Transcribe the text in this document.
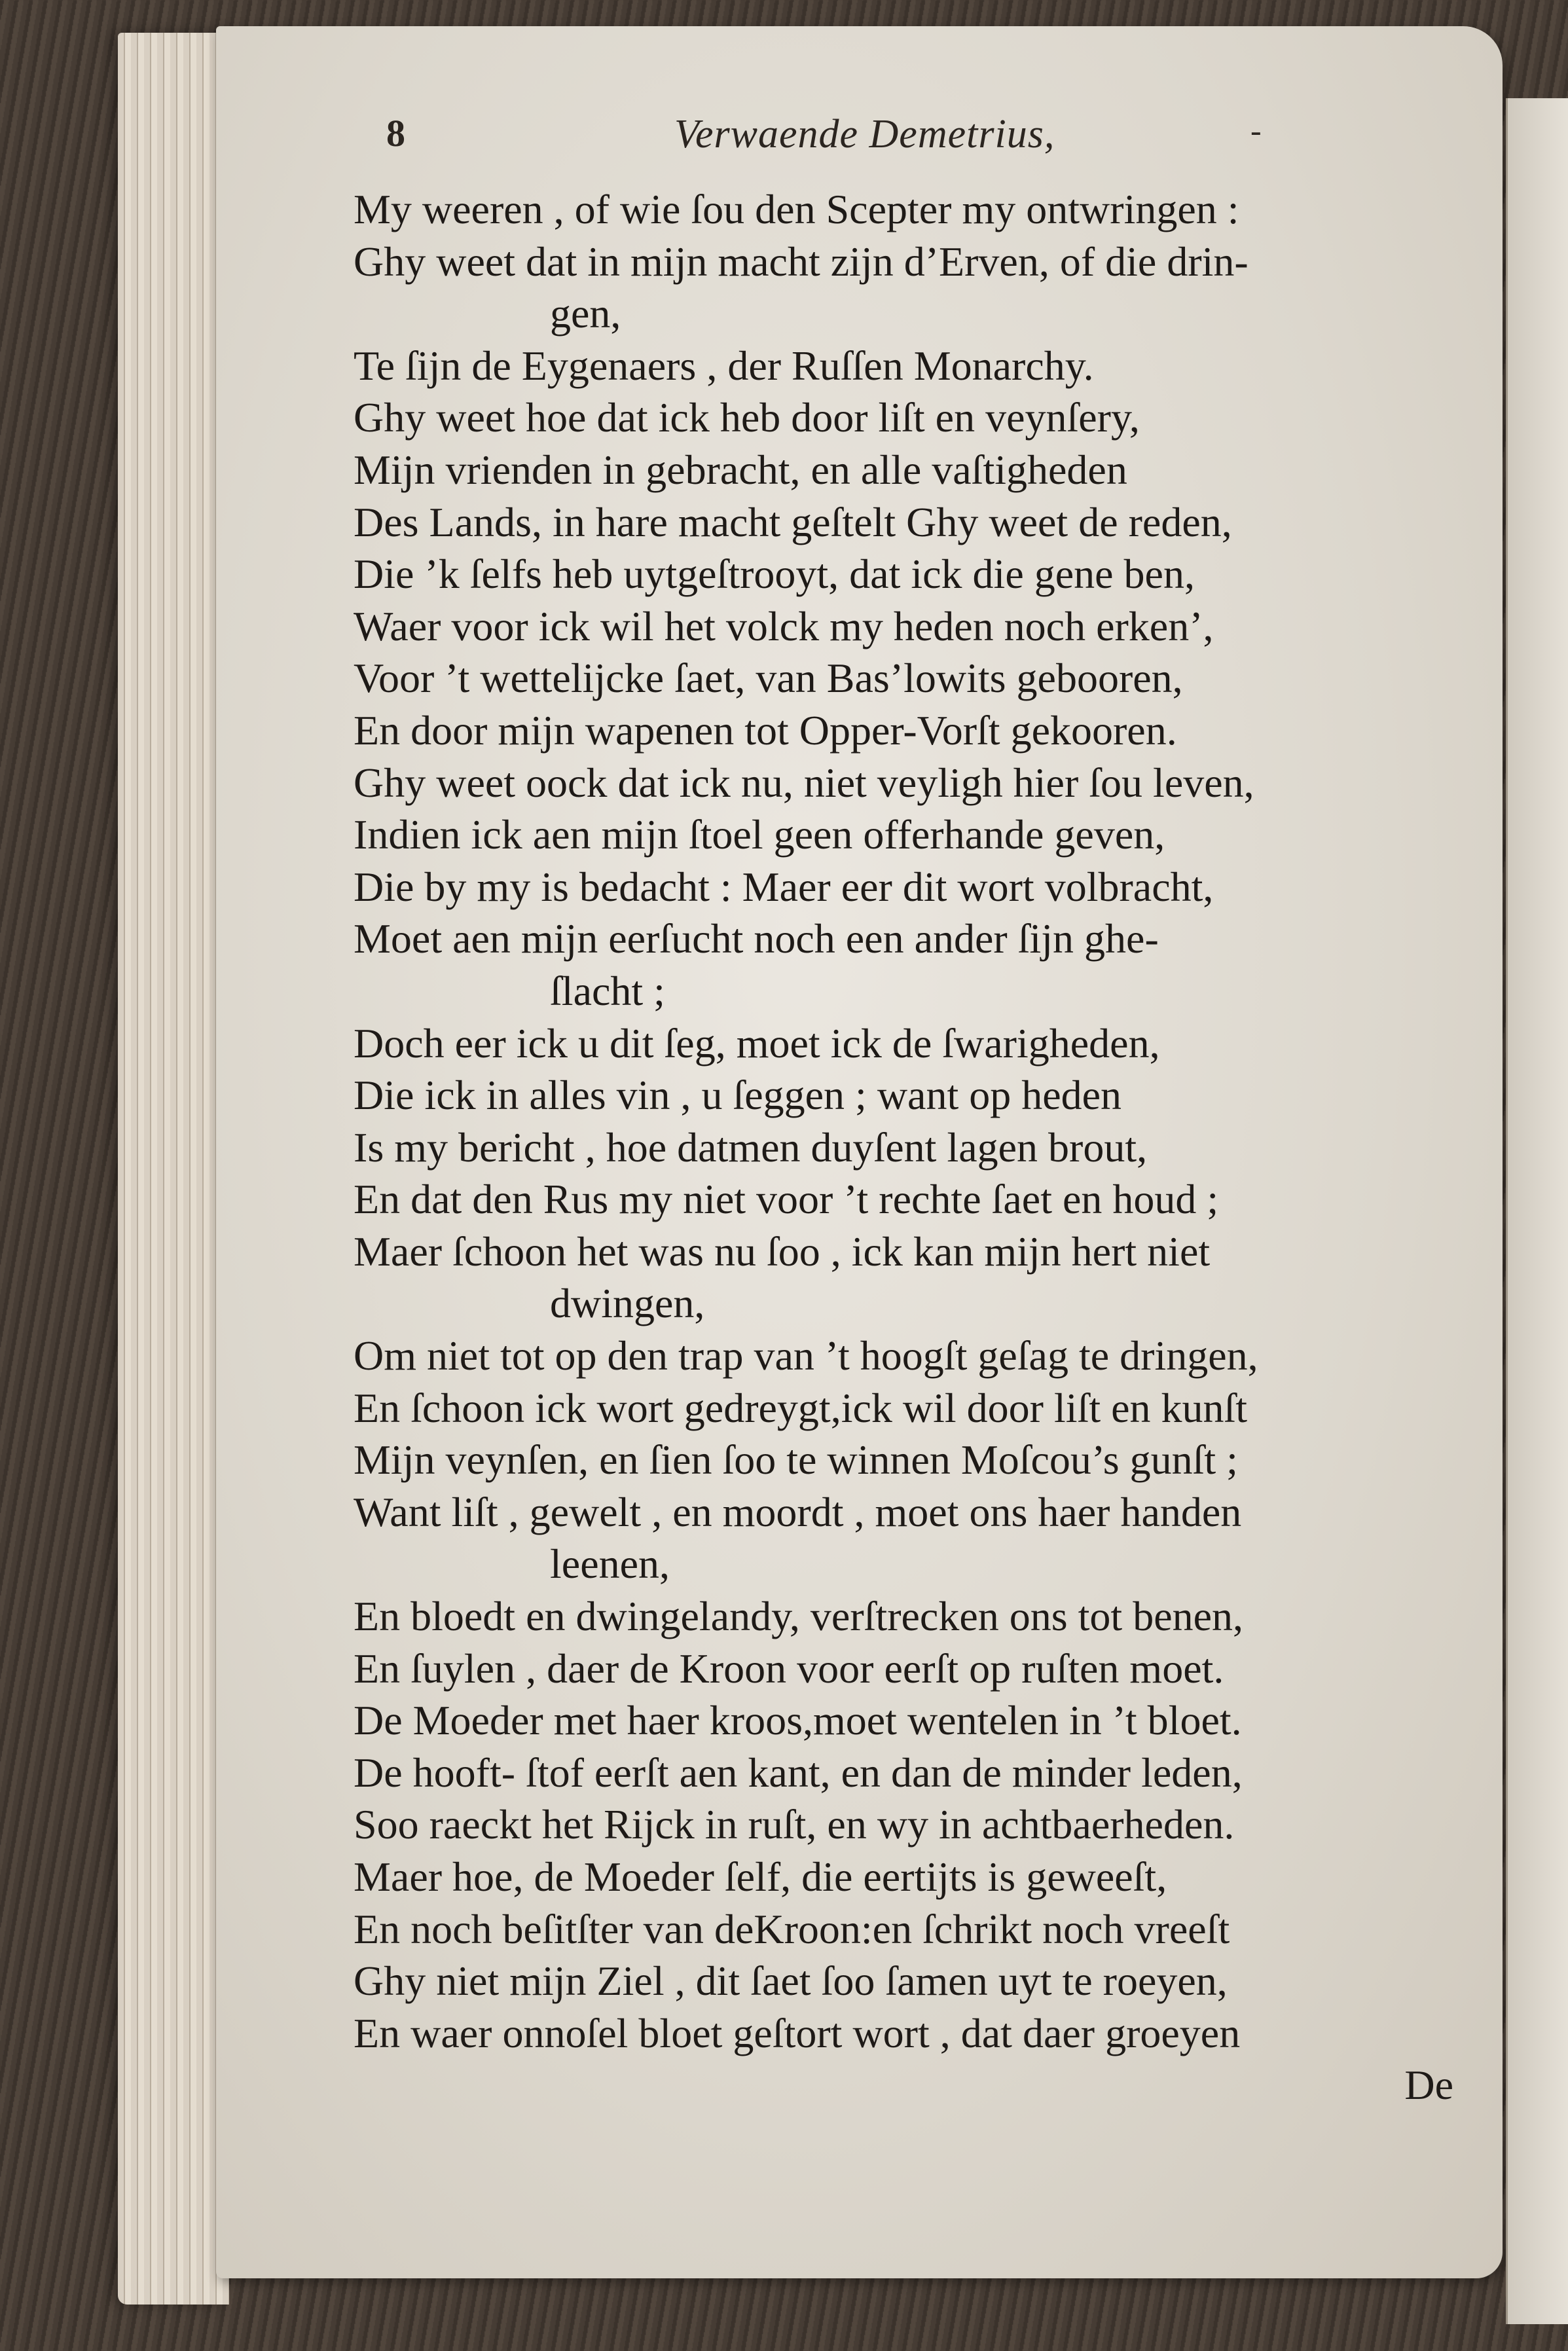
8	Verwaende Demetrius,	-
My weeren , of wie ſou den Scepter my ontwringen :
Ghy weet dat in mijn macht zijn d’Erven, of die drin-
gen,
Te ſijn de Eygenaers , der Ruſſen Monarchy.
Ghy weet hoe dat ick heb door liſt en veynſery,
Mijn vrienden in gebracht, en alle vaſtigheden
Des Lands, in hare macht geſtelt Ghy weet de reden,
Die ’k ſelfs heb uytgeſtrooyt, dat ick die gene ben,
Waer voor ick wil het volck my heden noch erken’,
Voor ’t wettelijcke ſaet, van Bas’lowits gebooren,
En door mijn wapenen tot Opper-Vorſt gekooren.
Ghy weet oock dat ick nu, niet veyligh hier ſou leven,
Indien ick aen mijn ſtoel geen offerhande geven,
Die by my is bedacht : Maer eer dit wort volbracht,
Moet aen mijn eerſucht noch een ander ſijn ghe-
ſlacht ;
Doch eer ick u dit ſeg, moet ick de ſwarigheden,
Die ick in alles vin , u ſeggen ; want op heden
Is my bericht , hoe datmen duyſent lagen brout,
En dat den Rus my niet voor ’t rechte ſaet en houd ;
Maer ſchoon het was nu ſoo , ick kan mijn hert niet
dwingen,
Om niet tot op den trap van ’t hoogſt geſag te dringen,
En ſchoon ick wort gedreygt,ick wil door liſt en kunſt
Mijn veynſen, en ſien ſoo te winnen Moſcou’s gunſt ;
Want liſt , gewelt , en moordt , moet ons haer handen
leenen,
En bloedt en dwingelandy, verſtrecken ons tot benen,
En ſuylen , daer de Kroon voor eerſt op ruſten moet.
De Moeder met haer kroos,moet wentelen in ’t bloet.
De hooft- ſtof eerſt aen kant, en dan de minder leden,
Soo raeckt het Rijck in ruſt, en wy in achtbaerheden.
Maer hoe, de Moeder ſelf, die eertijts is geweeſt,
En noch beſitſter van deKroon:en ſchrikt noch vreeſt
Ghy niet mijn Ziel , dit ſaet ſoo ſamen uyt te roeyen,
En waer onnoſel bloet geſtort wort , dat daer groeyen
De
